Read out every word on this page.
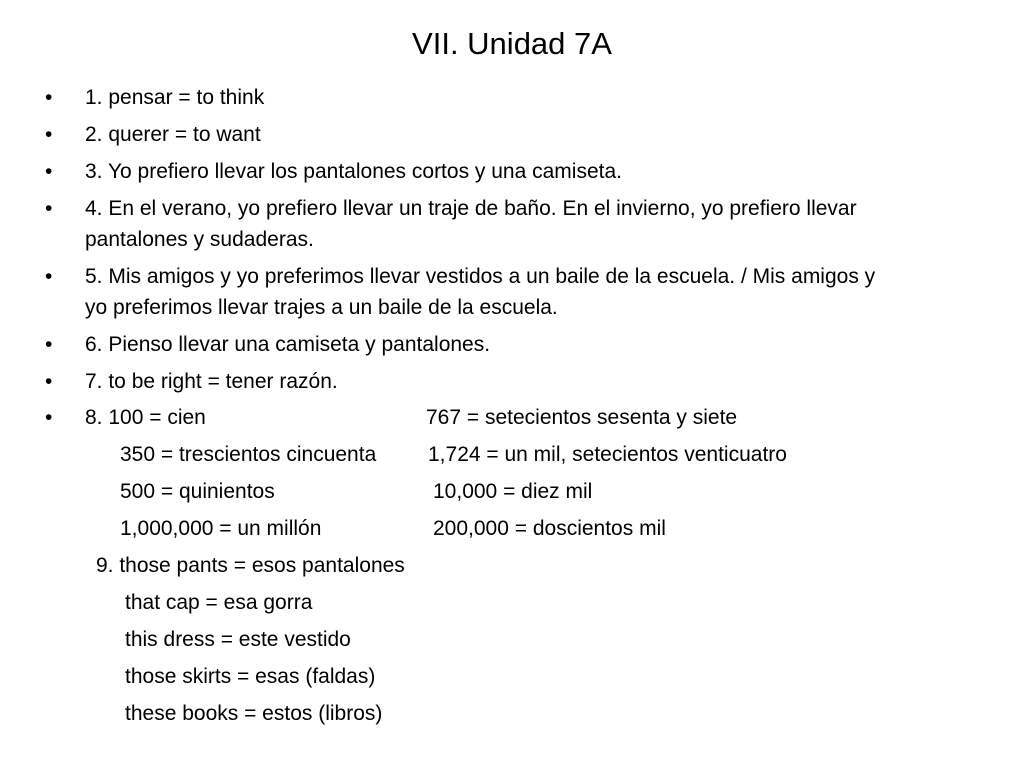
VII. Unidad 7A
•
•
•
•
•
•
•
•
1. pensar = to think
2. querer = to want
3. Yo prefiero llevar los pantalones cortos y una camiseta.
4. En el verano, yo prefiero llevar un traje de baño. En el invierno, yo prefiero llevar
pantalones y sudaderas.
5. Mis amigos y yo preferimos llevar vestidos a un baile de la escuela. / Mis amigos y
yo preferimos llevar trajes a un baile de la escuela.
6. Pienso llevar una camiseta y pantalones.
7. to be right = tener razón.
8. 100 = cien	767 = setecientos sesenta y siete
350 = trescientos cincuenta 1,724 = un mil, setecientos venticuatro
500 = quinientos	10,000 = diez mil
1,000,000 = un millón	200,000 = doscientos mil
9. those pants = esos pantalones
that cap = esa gorra
this dress = este vestido
those skirts = esas (faldas)
these books = estos (libros)
